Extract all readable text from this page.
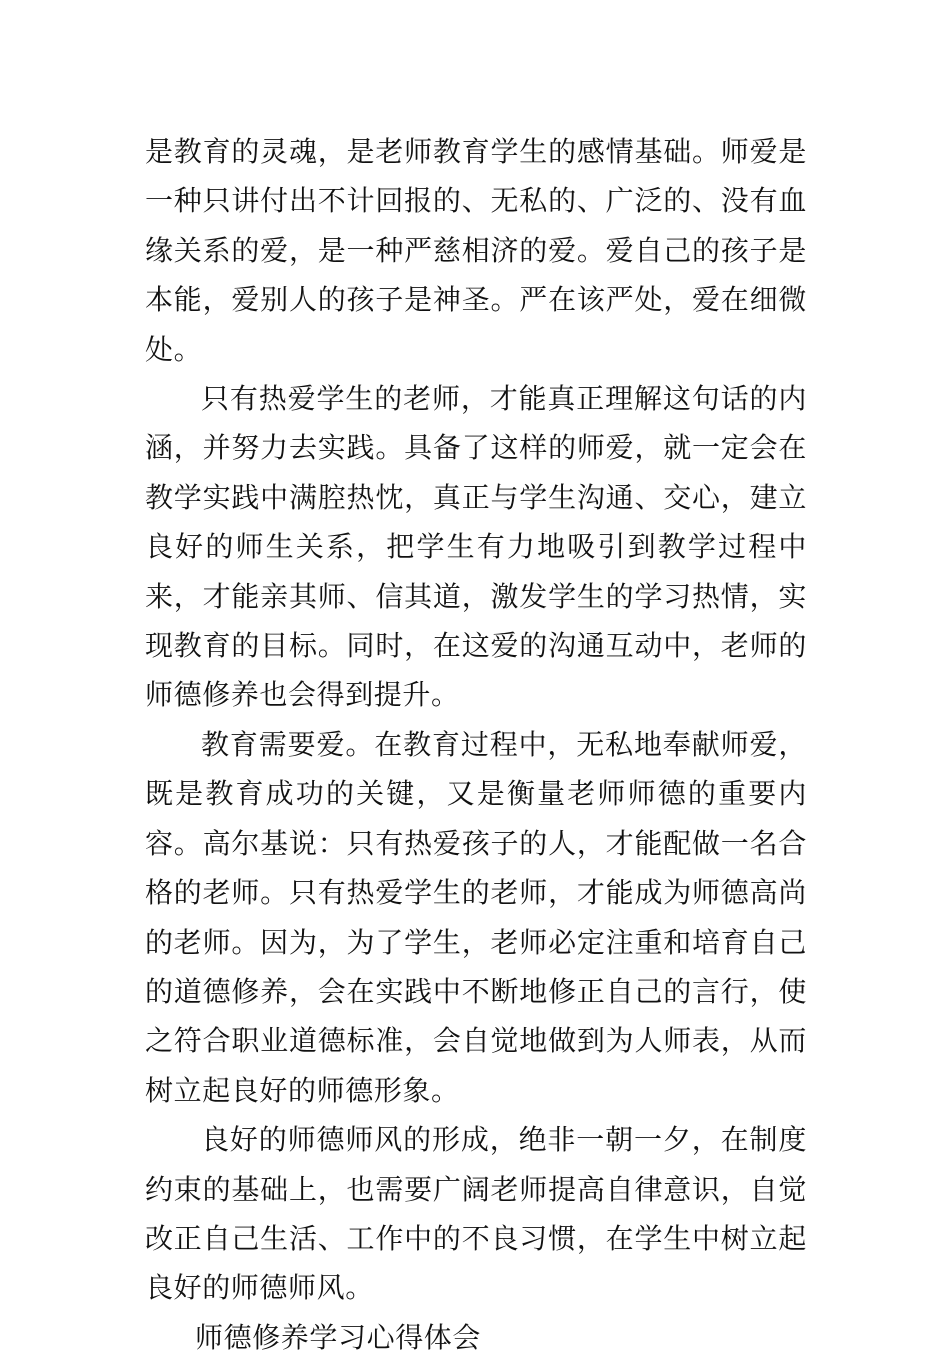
是教育的灵魂，是老师教育学生的感情基础。师爱是一种只讲付出不计回报的、无私的、广泛的、没有血缘关系的爱，是一种严慈相济的爱。爱自己的孩子是本能，爱别人的孩子是神圣。严在该严处，爱在细微处。

只有热爱学生的老师，才能真正理解这句话的内涵，并努力去实践。具备了这样的师爱，就一定会在教学实践中满腔热忱，真正与学生沟通、交心，建立良好的师生关系，把学生有力地吸引到教学过程中来，才能亲其师、信其道，激发学生的学习热情，实现教育的目标。同时，在这爱的沟通互动中，老师的师德修养也会得到提升。

教育需要爱。在教育过程中，无私地奉献师爱，既是教育成功的关键，又是衡量老师师德的重要内容。高尔基说：只有热爱孩子的人，才能配做一名合格的老师。只有热爱学生的老师，才能成为师德高尚的老师。因为，为了学生，老师必定注重和培育自己的道德修养，会在实践中不断地修正自己的言行，使之符合职业道德标准，会自觉地做到为人师表，从而树立起良好的师德形象。

良好的师德师风的形成，绝非一朝一夕，在制度约束的基础上，也需要广阔老师提高自律意识，自觉改正自己生活、工作中的不良习惯，在学生中树立起良好的师德师风。

师德修养学习心得体会
